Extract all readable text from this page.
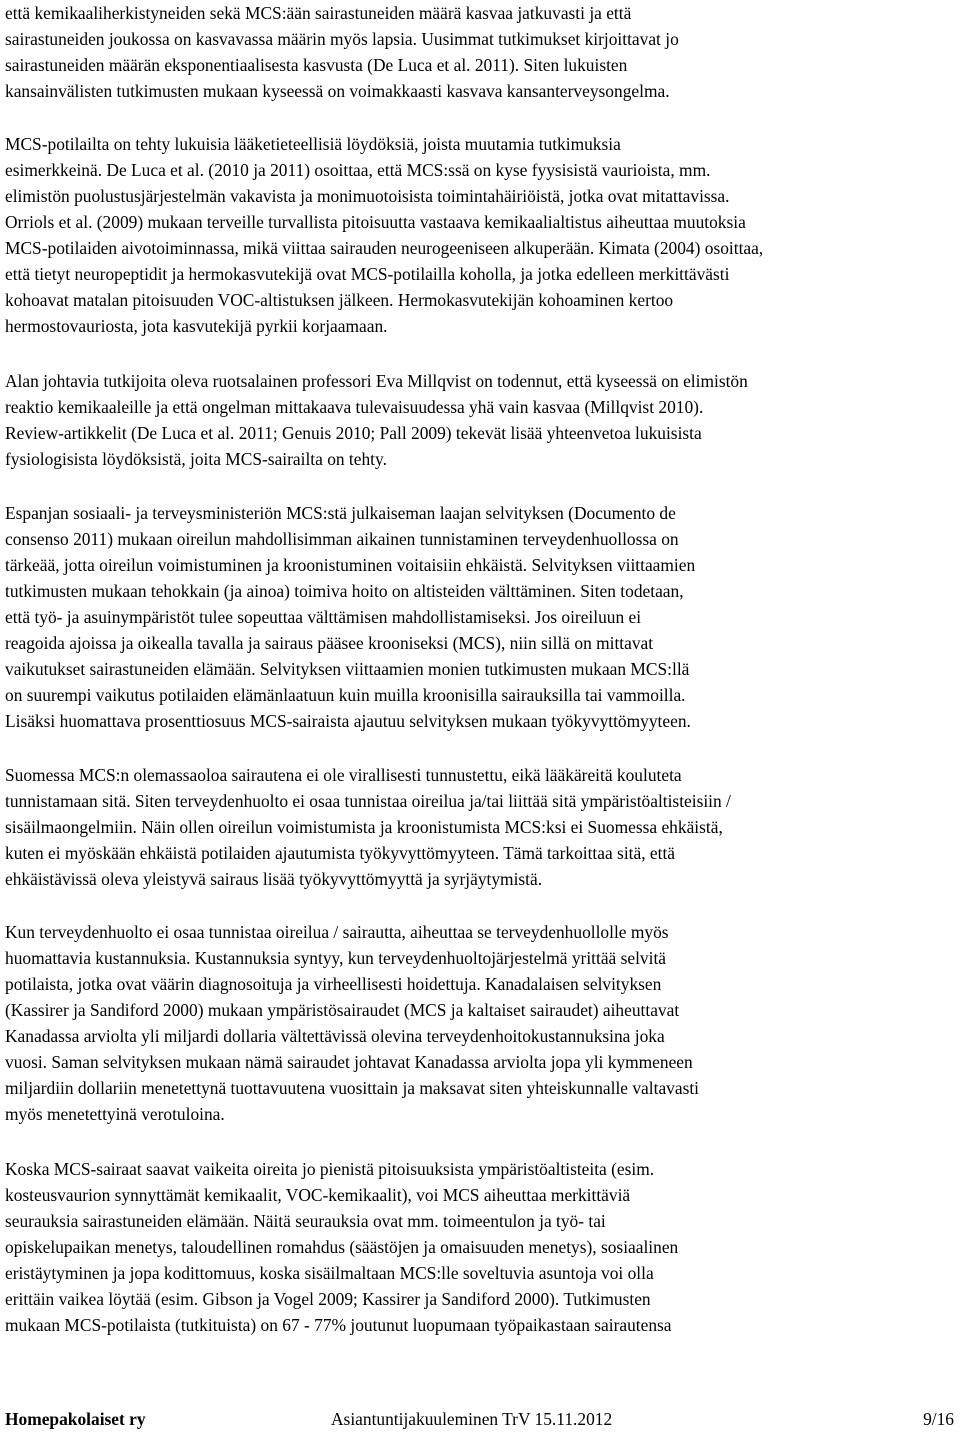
että kemikaaliherkistyneiden sekä MCS:ään sairastuneiden määrä kasvaa jatkuvasti ja että
sairastuneiden joukossa on kasvavassa määrin myös lapsia. Uusimmat tutkimukset kirjoittavat jo
sairastuneiden määrän eksponentiaalisesta kasvusta (De Luca et al. 2011). Siten lukuisten
kansainvälisten tutkimusten mukaan kyseessä on voimakkaasti kasvava kansanterveysongelma.
MCS-potilailta on tehty lukuisia lääketieteellisiä löydöksiä, joista muutamia tutkimuksia
esimerkkeinä. De Luca et al. (2010 ja 2011) osoittaa, että MCS:ssä on kyse fyysisistä vaurioista, mm.
elimistön puolustusjärjestelmän vakavista ja monimuotoisista toimintahäiriöistä, jotka ovat mitattavissa.
Orriols et al. (2009) mukaan terveille turvallista pitoisuutta vastaava kemikaalialtistus aiheuttaa muutoksia
MCS-potilaiden aivotoiminnassa, mikä viittaa sairauden neurogeeniseen alkuperään. Kimata (2004) osoittaa,
että tietyt neuropeptidit ja hermokasvutekijä ovat MCS-potilailla koholla, ja jotka edelleen merkittävästi
kohoavat matalan pitoisuuden VOC-altistuksen jälkeen. Hermokasvutekijän kohoaminen kertoo
hermostovauriosta, jota kasvutekijä pyrkii korjaamaan.
Alan johtavia tutkijoita oleva ruotsalainen professori Eva Millqvist on todennut, että kyseessä on elimistön
reaktio kemikaaleille ja että ongelman mittakaava tulevaisuudessa yhä vain kasvaa (Millqvist 2010).
Review-artikkelit (De Luca et al. 2011; Genuis 2010; Pall 2009) tekevät lisää yhteenvetoa lukuisista
fysiologisista löydöksistä, joita MCS-sairailta on tehty.
Espanjan sosiaali- ja terveysministeriön MCS:stä julkaiseman laajan selvityksen (Documento de
consenso 2011) mukaan oireilun mahdollisimman aikainen tunnistaminen terveydenhuollossa on
tärkeää, jotta oireilun voimistuminen ja kroonistuminen voitaisiin ehkäistä. Selvityksen viittaamien
tutkimusten mukaan tehokkain (ja ainoa) toimiva hoito on altisteiden välttäminen. Siten todetaan,
että työ- ja asuinympäristöt tulee sopeuttaa välttämisen mahdollistamiseksi. Jos oireiluun ei
reagoida ajoissa ja oikealla tavalla ja sairaus pääsee krooniseksi (MCS), niin sillä on mittavat
vaikutukset sairastuneiden elämään. Selvityksen viittaamien monien tutkimusten mukaan MCS:llä
on suurempi vaikutus potilaiden elämänlaatuun kuin muilla kroonisilla sairauksilla tai vammoilla.
Lisäksi huomattava prosenttiosuus MCS-sairaista ajautuu selvityksen mukaan työkyvyttömyyteen.
Suomessa MCS:n olemassaoloa sairautena ei ole virallisesti tunnustettu, eikä lääkäreitä kouluteta
tunnistamaan sitä. Siten terveydenhuolto ei osaa tunnistaa oireilua ja/tai liittää sitä ympäristöaltisteisiin /
sisäilmaongelmiin. Näin ollen oireilun voimistumista ja kroonistumista MCS:ksi ei Suomessa ehkäistä,
kuten ei myöskään ehkäistä potilaiden ajautumista työkyvyttömyyteen. Tämä tarkoittaa sitä, että
ehkäistävissä oleva yleistyvä sairaus lisää työkyvyttömyyttä ja syrjäytymistä.
Kun terveydenhuolto ei osaa tunnistaa oireilua / sairautta, aiheuttaa se terveydenhuollolle myös
huomattavia kustannuksia. Kustannuksia syntyy, kun terveydenhuoltojärjestelmä yrittää selvitä
potilaista, jotka ovat väärin diagnosoituja ja virheellisesti hoidettuja. Kanadalaisen selvityksen
(Kassirer ja Sandiford 2000) mukaan ympäristösairaudet (MCS ja kaltaiset sairaudet) aiheuttavat
Kanadassa arviolta yli miljardi dollaria vältettävissä olevina terveydenhoitokustannuksina joka
vuosi. Saman selvityksen mukaan nämä sairaudet johtavat Kanadassa arviolta jopa yli kymmeneen
miljardiin dollariin menetettynä tuottavuutena vuosittain ja maksavat siten yhteiskunnalle valtavasti
myös menetettyinä verotuloina.
Koska MCS-sairaat saavat vaikeita oireita jo pienistä pitoisuuksista ympäristöaltisteita (esim.
kosteusvaurion synnyttämät kemikaalit, VOC-kemikaalit), voi MCS aiheuttaa merkittäviä
seurauksia sairastuneiden elämään. Näitä seurauksia ovat mm. toimeentulon ja työ- tai
opiskelupaikan menetys, taloudellinen romahdus (säästöjen ja omaisuuden menetys), sosiaalinen
eristäytyminen ja jopa kodittomuus, koska sisäilmaltaan MCS:lle soveltuvia asuntoja voi olla
erittäin vaikea löytää (esim. Gibson ja Vogel 2009; Kassirer ja Sandiford 2000). Tutkimusten
mukaan MCS-potilaista (tutkituista) on 67 - 77% joutunut luopumaan työpaikastaan sairautensa
Homepakolaiset ry	Asiantuntijakuuleminen TrV 15.11.2012	9/16
